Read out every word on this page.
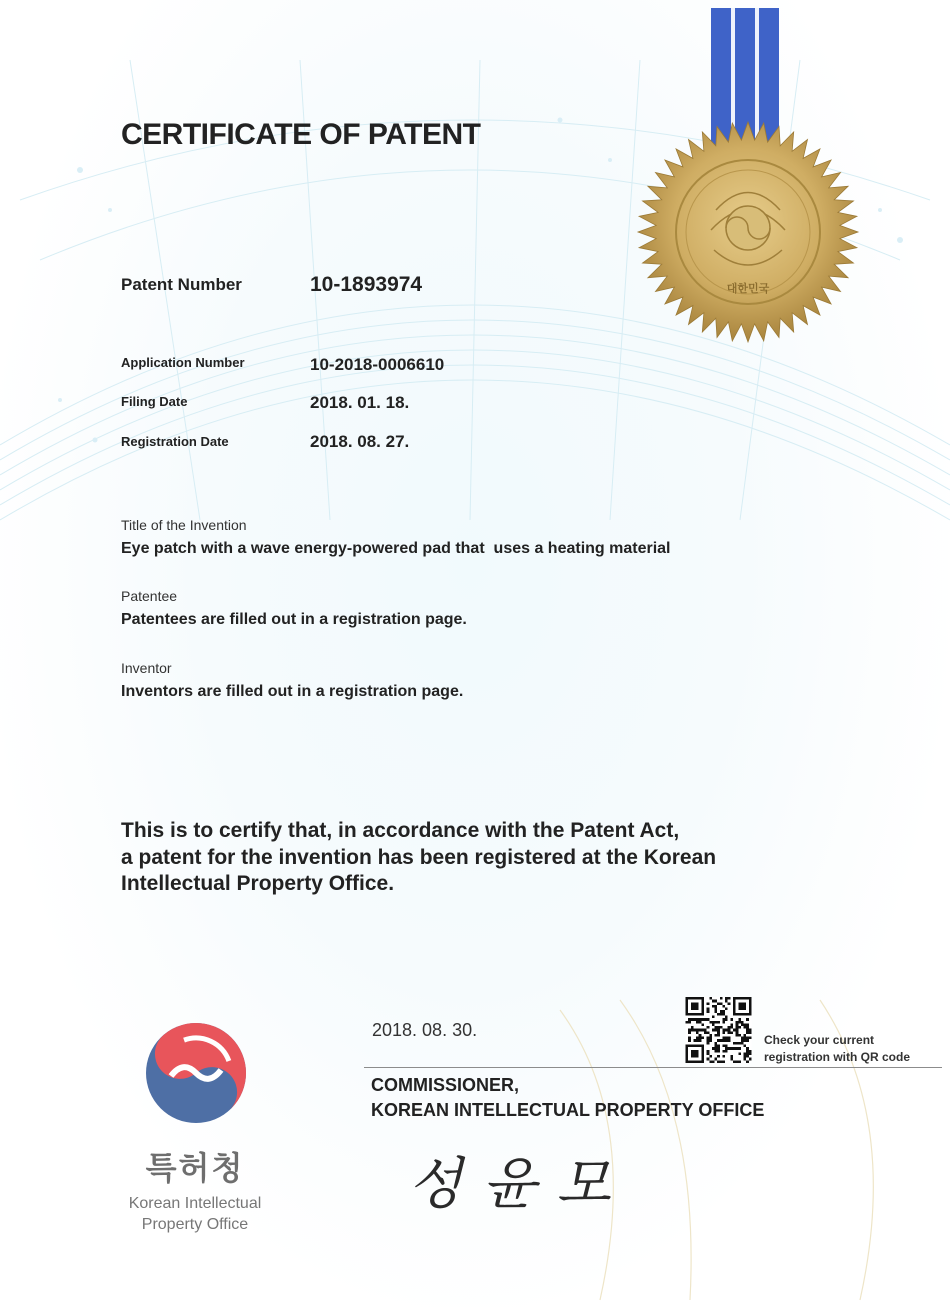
대한민국
CERTIFICATE OF PATENT
Patent Number	10-1893974
Application Number	10-2018-0006610
Filing Date	2018. 01. 18.
Registration Date	2018. 08. 27.
Title of the Invention
Eye patch with a wave energy-powered pad that  uses a heating material
Patentee
Patentees are filled out in a registration page.
Inventor
Inventors are filled out in a registration page.
This is to certify that, in accordance with the Patent Act,
a patent for the invention has been registered at the Korean
Intellectual Property Office.
특허청
Korean Intellectual
Property Office
2018. 08. 30.	Check your current
registration with QR code
COMMISSIONER,
KOREAN INTELLECTUAL PROPERTY OFFICE
성윤모
